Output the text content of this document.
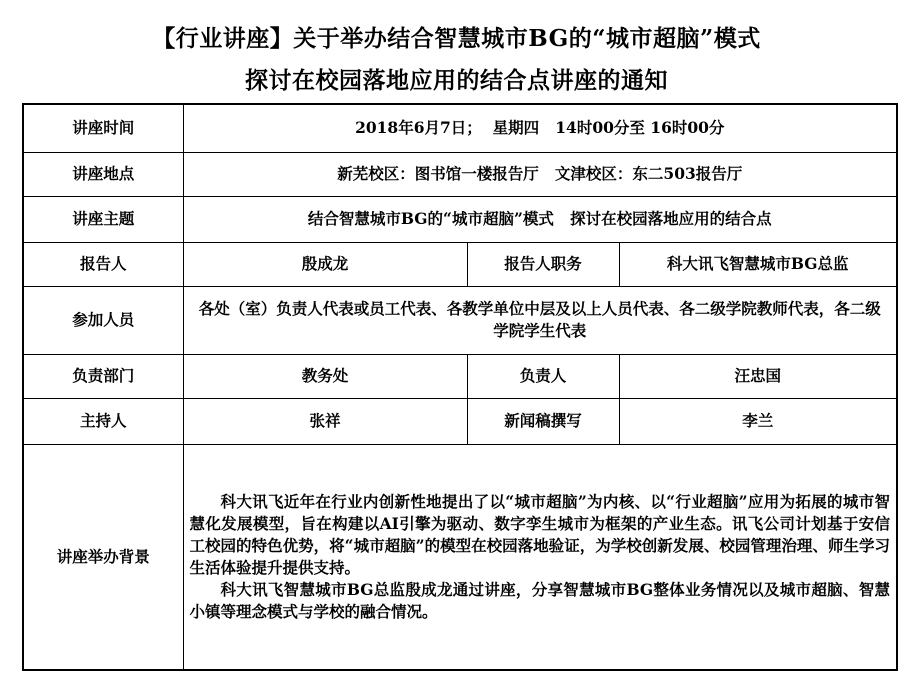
【行业讲座】关于举办结合智慧城市BG的“城市超脑”模式
探讨在校园落地应用的结合点讲座的通知
讲座时间	2018年6月7日；  星期四   14时00分至 16时00分		
讲座地点	新芜校区：图书馆一楼报告厅   文津校区：东二503报告厅		
讲座主题	结合智慧城市BG的“城市超脑”模式   探讨在校园落地应用的结合点		
报告人	殷成龙	报告人职务	科大讯飞智慧城市BG总监
参加人员	各处（室）负责人代表或员工代表、各教学单位中层及以上人员代表、各二级学院教师代表，各二级学院学生代表		
负责部门	教务处	负责人	汪忠国
主持人	张祥	新闻稿撰写	李兰
讲座举办背景	科大讯飞近年在行业内创新性地提出了以“城市超脑”为内核、以“行业超脑”应用为拓展的城市智慧化发展模型，旨在构建以AI引擎为驱动、数字孪生城市为框架的产业生态。讯飞公司计划基于安信工校园的特色优势，将“城市超脑”的模型在校园落地验证，为学校创新发展、校园管理治理、师生学习生活体验提升提供支持。

科大讯飞智慧城市BG总监殷成龙通过讲座，分享智慧城市BG整体业务情况以及城市超脑、智慧小镇等理念模式与学校的融合情况。		
